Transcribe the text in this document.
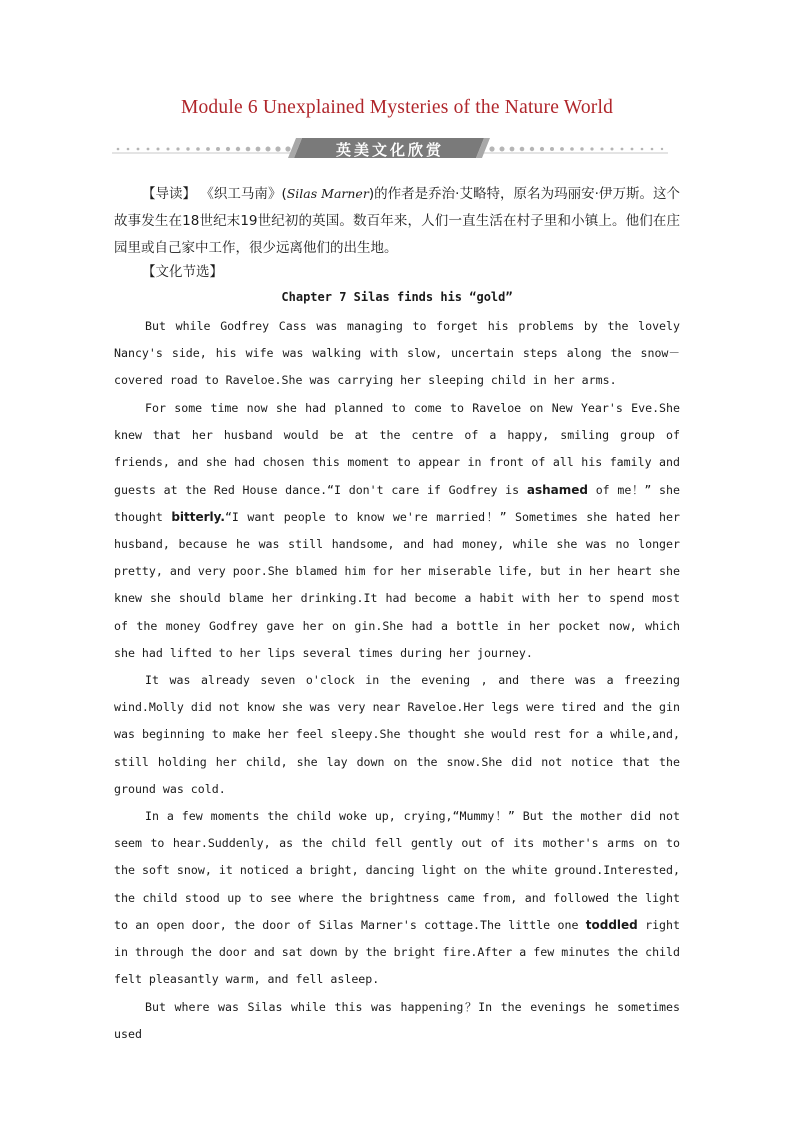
Module 6 Unexplained Mysteries of the Nature World
英美文化欣赏
【导读】 《织工马南》(Silas Marner)的作者是乔治·艾略特，原名为玛丽安·伊万斯。这个故事发生在18世纪末19世纪初的英国。数百年来，人们一直生活在村子里和小镇上。他们在庄园里或自己家中工作，很少远离他们的出生地。
【文化节选】
Chapter 7 Silas finds his “gold”

But while Godfrey Cass was managing to forget his problems by the lovely Nancy's side, his wife was walking with slow, uncertain steps along the snow－covered road to Raveloe.She was carrying her sleeping child in her arms.

For some time now she had planned to come to Raveloe on New Year's Eve.She knew that her husband would be at the centre of a happy, smiling group of friends, and she had chosen this moment to appear in front of all his family and guests at the Red House dance.“I don't care if Godfrey is ashamed of me！” she thought bitterly.“I want people to know we're married！” Sometimes she hated her husband, because he was still handsome, and had money, while she was no longer pretty, and very poor.She blamed him for her miserable life, but in her heart she knew she should blame her drinking.It had become a habit with her to spend most of the money Godfrey gave her on gin.She had a bottle in her pocket now, which she had lifted to her lips several times during her journey.

It was already seven o'clock in the evening , and there was a freezing wind.Molly did not know she was very near Raveloe.Her legs were tired and the gin was beginning to make her feel sleepy.She thought she would rest for a while,and, still holding her child, she lay down on the snow.She did not notice that the ground was cold.

In a few moments the child woke up, crying,“Mummy！” But the mother did not seem to hear.Suddenly, as the child fell gently out of its mother's arms on to the soft snow, it noticed a bright, dancing light on the white ground.Interested, the child stood up to see where the brightness came from, and followed the light to an open door, the door of Silas Marner's cottage.The little one toddled right in through the door and sat down by the bright fire.After a few minutes the child felt pleasantly warm, and fell asleep.

But where was Silas while this was happening？In the evenings he sometimes used
